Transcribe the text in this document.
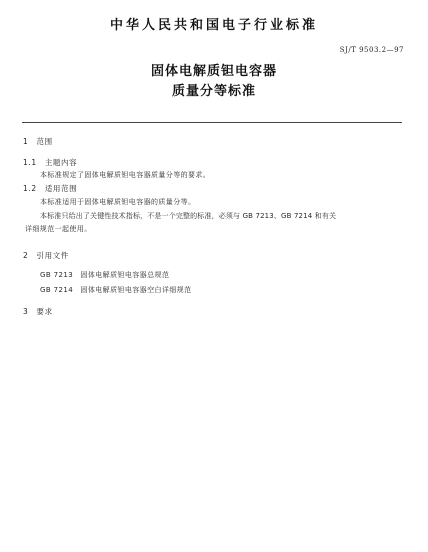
中华人民共和国电子行业标准
SJ/T 9503.2—97
固体电解质钽电容器
质量分等标准
1　范围
1.1　主题内容
本标准规定了固体电解质钽电容器质量分等的要求。
1.2　适用范围
本标准适用于固体电解质钽电容器的质量分等。
本标准只给出了关键性技术指标，不是一个完整的标准，必须与 GB 7213、GB 7214 和有关
详细规范一起使用。
2　引用文件
GB 7213　固体电解质钽电容器总规范
GB 7214　固体电解质钽电容器空白详细规范
3　要求
